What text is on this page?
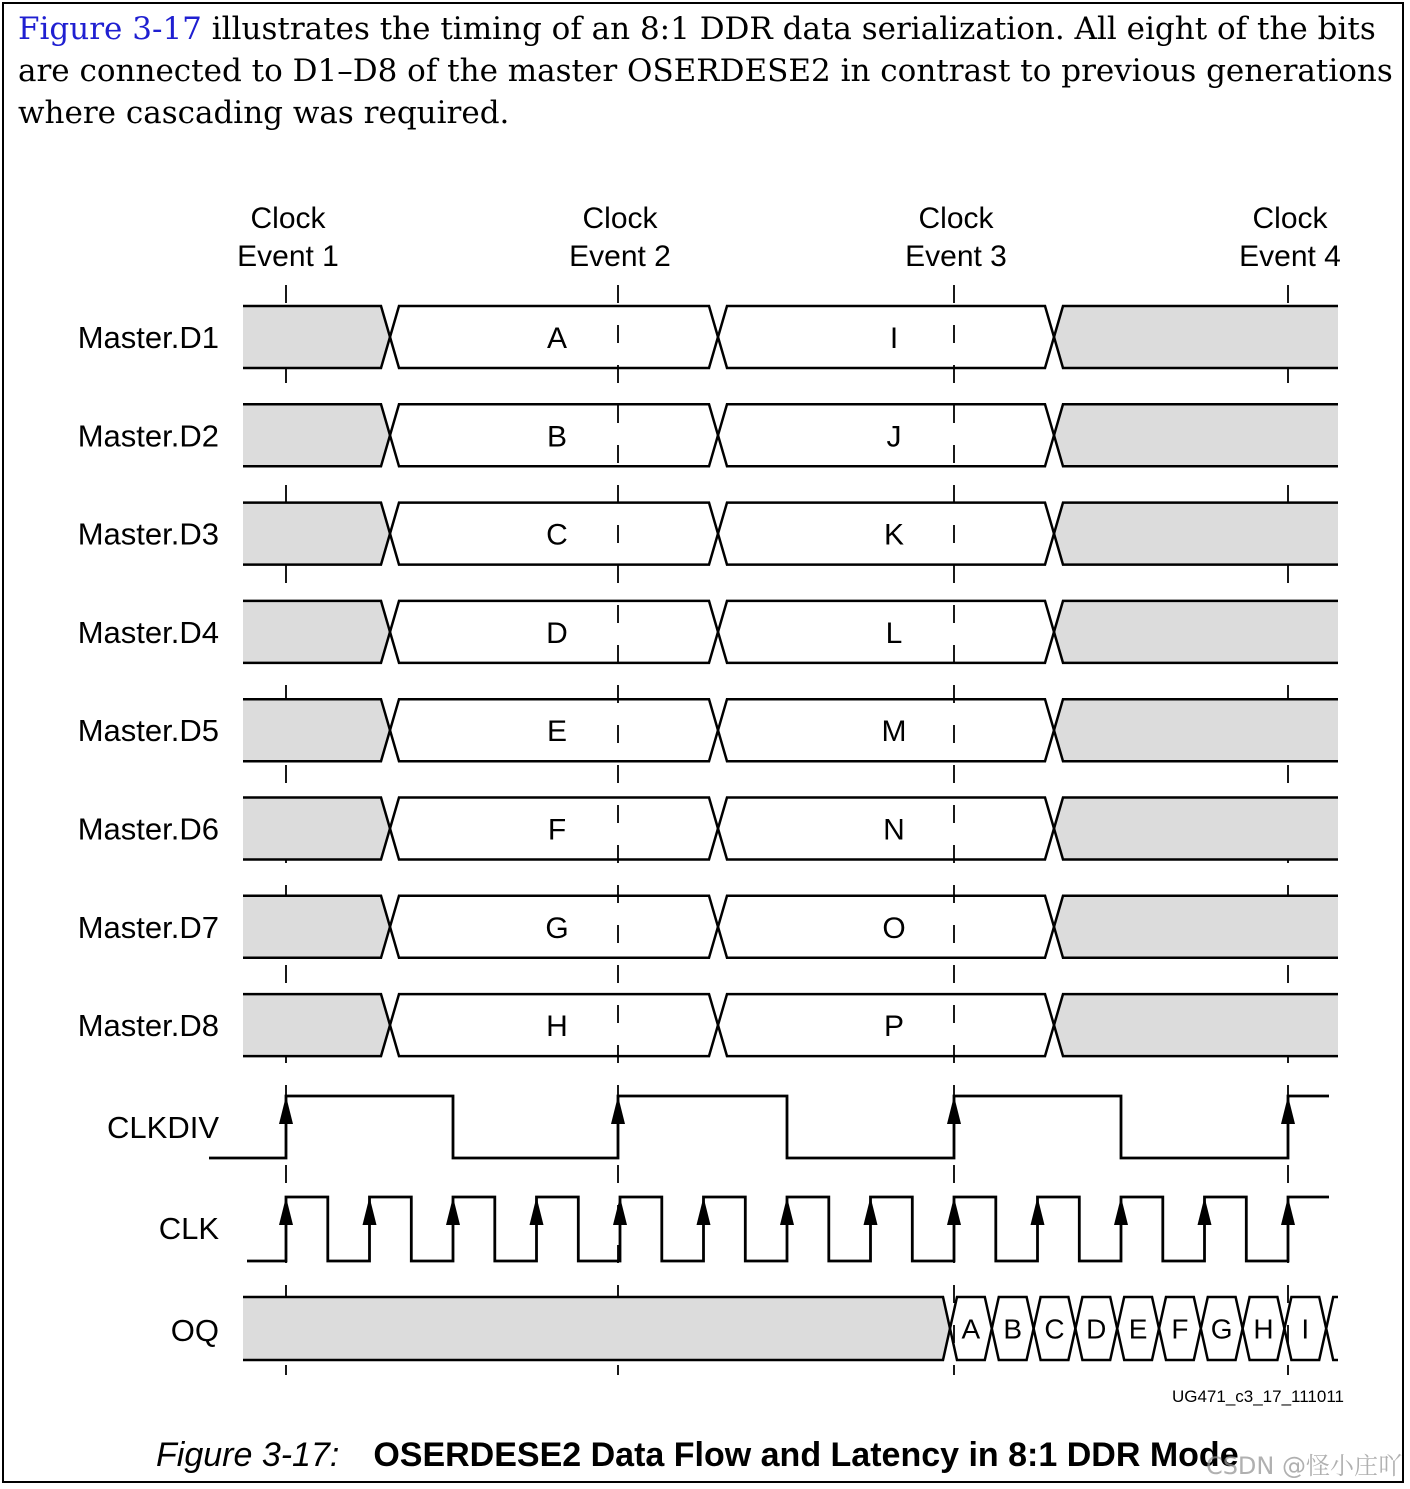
Figure 3-17 illustrates the timing of an 8:1 DDR data serialization. All eight of the bits are connected to D1–D8 of the master OSERDESE2 in contrast to previous generations where cascading was required.

Clock
Event 1
Clock
Event 2
Clock
Event 3
Clock
Event 4
Master.D1	A	I
Master.D2	B	J
Master.D3	C	K
Master.D4	D	L
Master.D5	E	M
Master.D6	F	N
Master.D7	G	O
Master.D8	H	P
CLKDIV
CLK
A B C D E F G H I
OQ
UG471_c3_17_111011
Figure 3-17: OSERDESE2 Data Flow and Latency in 8:1 DDR Mode
CSDN @怪小庄吖
